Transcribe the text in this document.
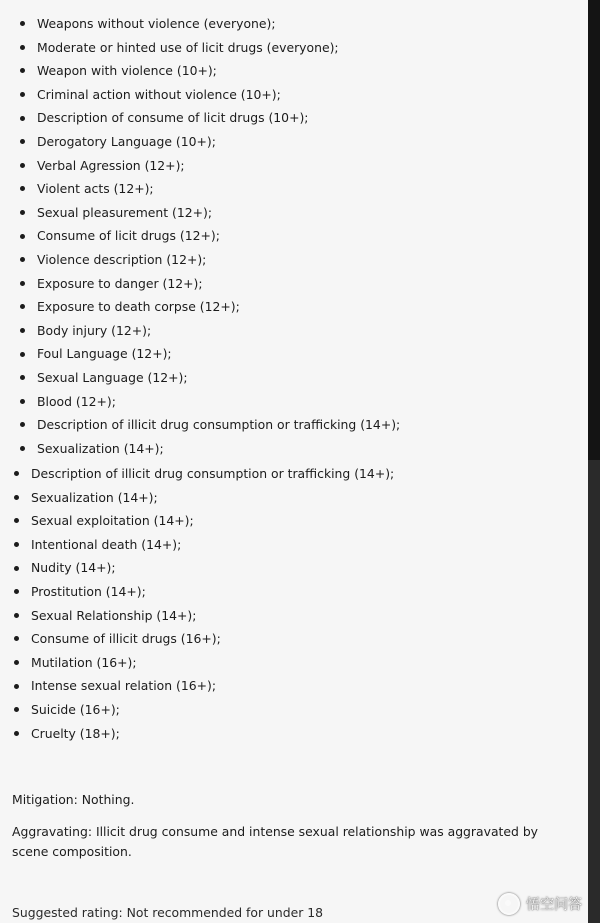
Weapons without violence (everyone);
Moderate or hinted use of licit drugs (everyone);
Weapon with violence (10+);
Criminal action without violence (10+);
Description of consume of licit drugs (10+);
Derogatory Language (10+);
Verbal Agression (12+);
Violent acts (12+);
Sexual pleasurement (12+);
Consume of licit drugs (12+);
Violence description (12+);
Exposure to danger (12+);
Exposure to death corpse (12+);
Body injury (12+);
Foul Language (12+);
Sexual Language (12+);
Blood (12+);
Description of illicit drug consumption or trafficking (14+);
Sexualization (14+);
Description of illicit drug consumption or trafficking (14+);
Sexualization (14+);
Sexual exploitation (14+);
Intentional death (14+);
Nudity (14+);
Prostitution (14+);
Sexual Relationship (14+);
Consume of illicit drugs (16+);
Mutilation (16+);
Intense sexual relation (16+);
Suicide (16+);
Cruelty (18+);
Mitigation: Nothing.
Aggravating: Illicit drug consume and intense sexual relationship was aggravated by scene composition.
Suggested rating: Not recommended for under 18	悟空问答
